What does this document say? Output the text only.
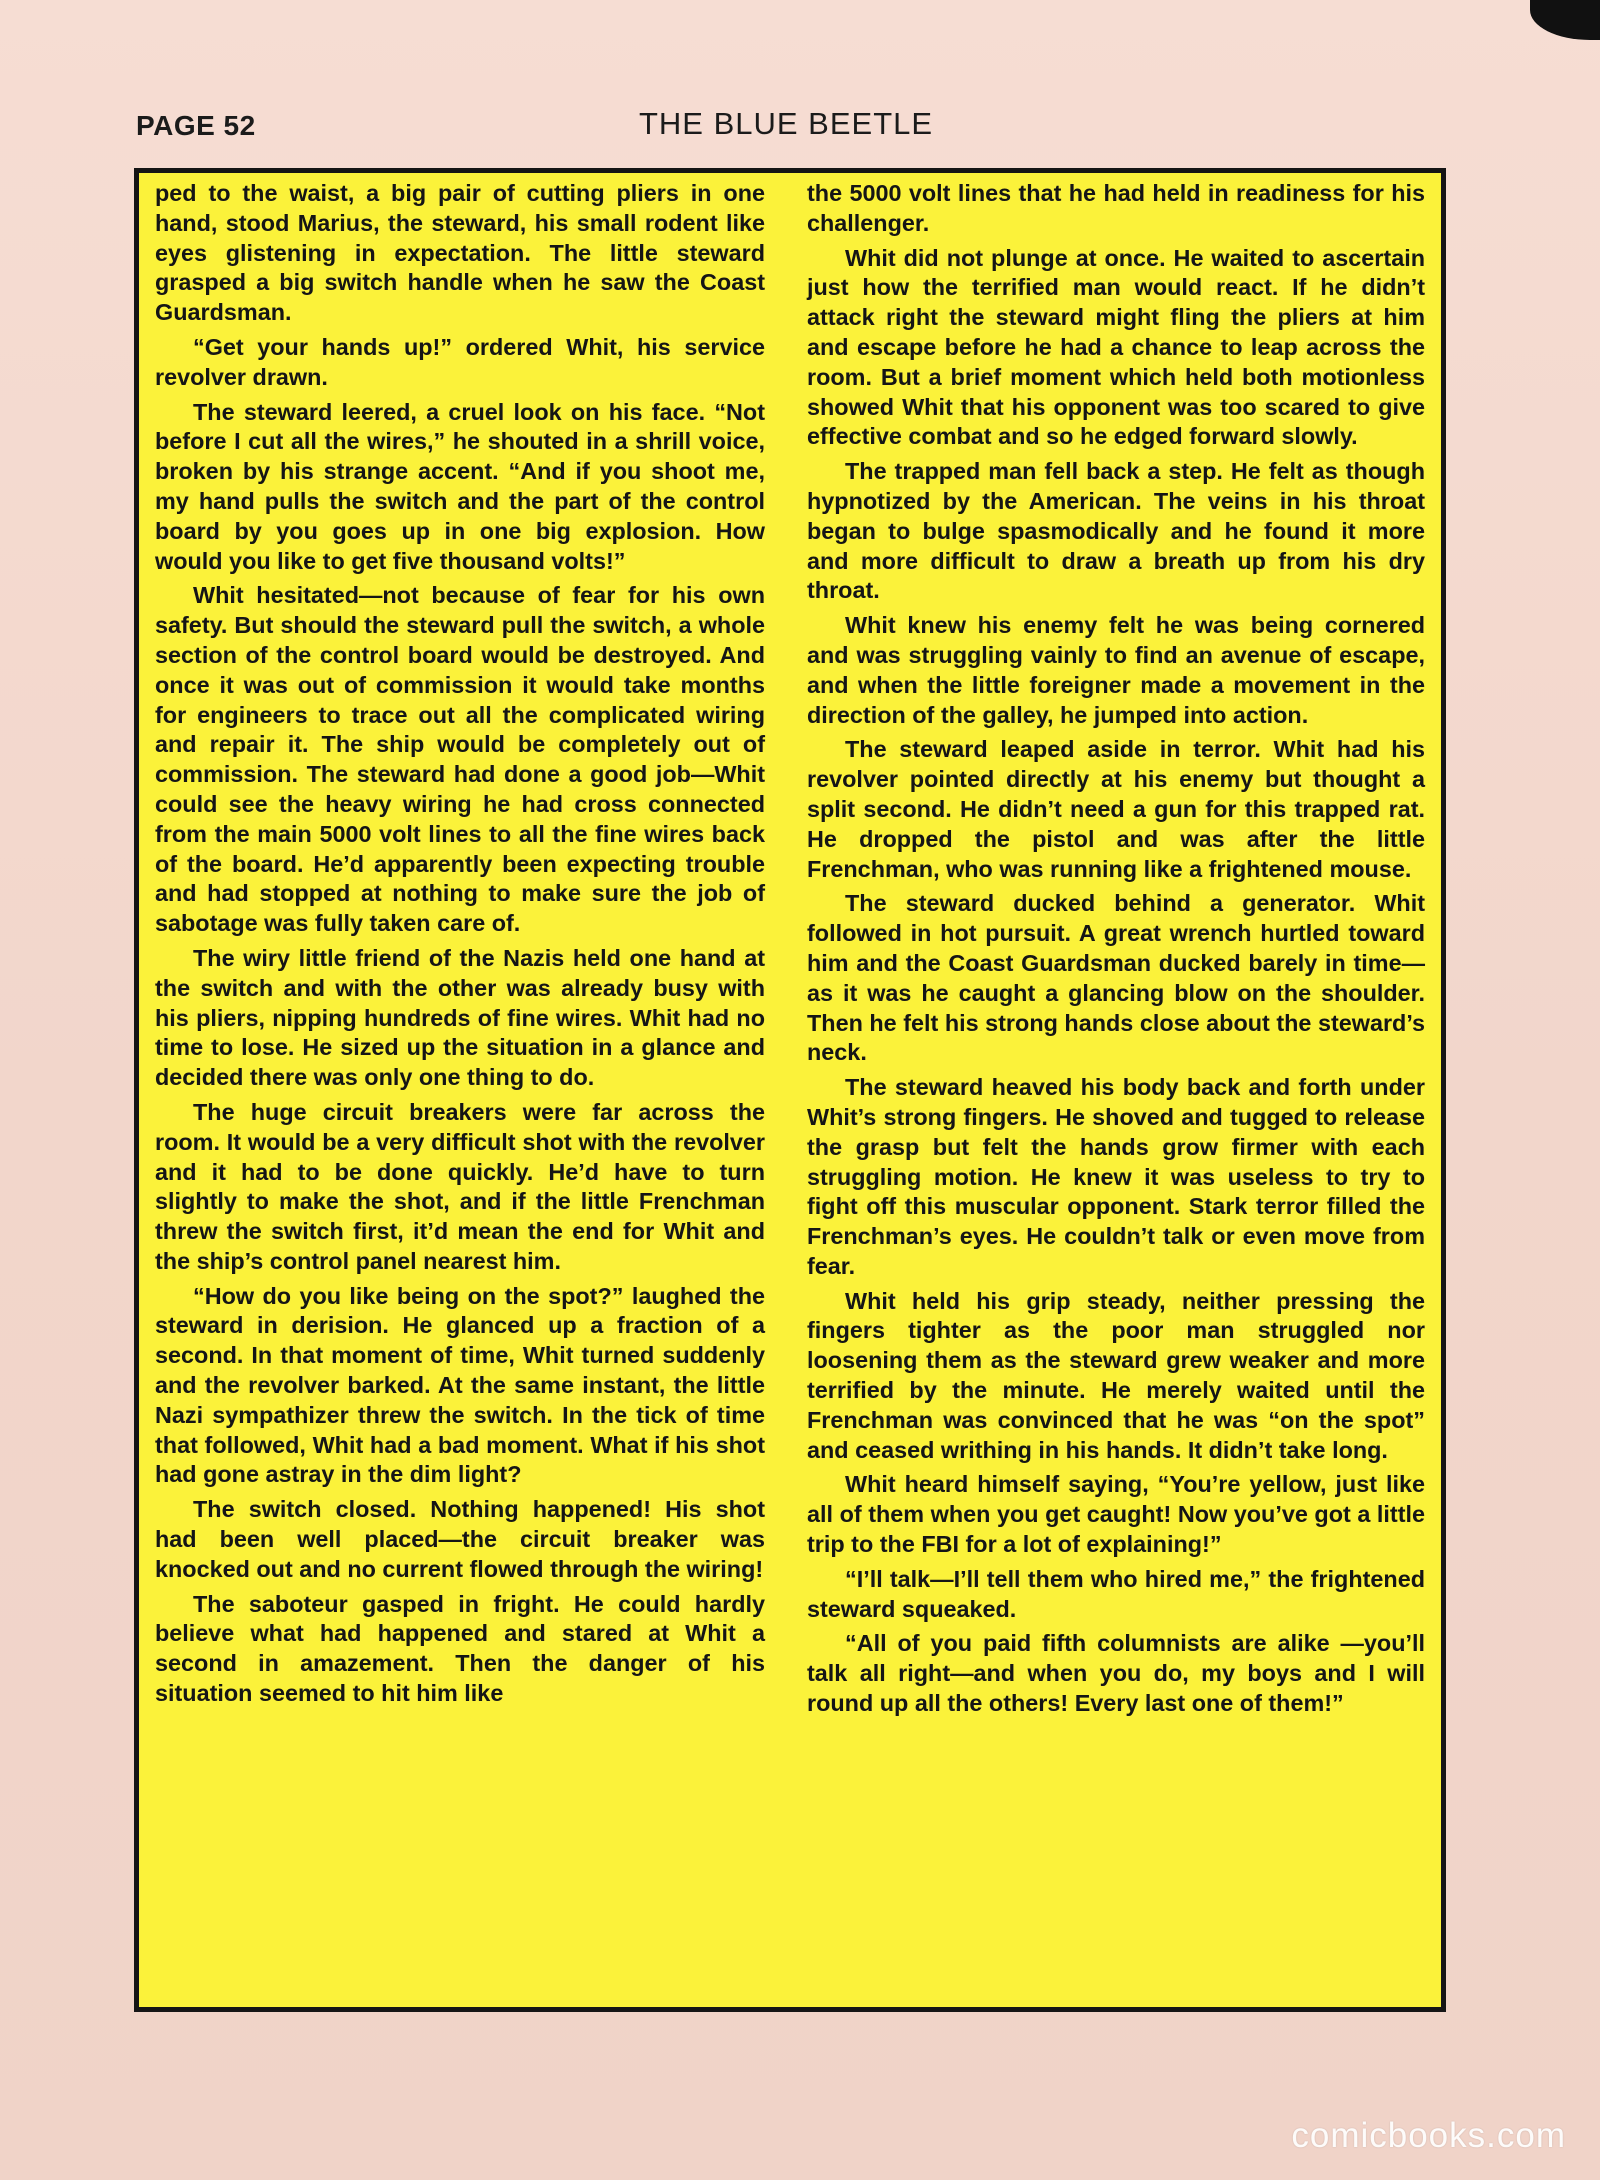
PAGE 52	THE BLUE BEETLE

ped to the waist, a big pair of cutting pliers in one hand, stood Marius, the steward, his small rodent like eyes glistening in expectation. The little steward grasped a big switch handle when he saw the Coast Guardsman.

“Get your hands up!” ordered Whit, his service revolver drawn.

The steward leered, a cruel look on his face. “Not before I cut all the wires,” he shouted in a shrill voice, broken by his strange accent. “And if you shoot me, my hand pulls the switch and the part of the control board by you goes up in one big explosion. How would you like to get five thousand volts!”

Whit hesitated—not because of fear for his own safety. But should the steward pull the switch, a whole section of the control board would be destroyed. And once it was out of commission it would take months for engineers to trace out all the complicated wiring and repair it. The ship would be completely out of commission. The steward had done a good job—Whit could see the heavy wiring he had cross connected from the main 5000 volt lines to all the fine wires back of the board. He’d apparently been expecting trouble and had stopped at nothing to make sure the job of sabotage was fully taken care of.

The wiry little friend of the Nazis held one hand at the switch and with the other was already busy with his pliers, nipping hundreds of fine wires. Whit had no time to lose. He sized up the situation in a glance and decided there was only one thing to do.

The huge circuit breakers were far across the room. It would be a very difficult shot with the revolver and it had to be done quickly. He’d have to turn slightly to make the shot, and if the little Frenchman threw the switch first, it’d mean the end for Whit and the ship’s control panel nearest him.

“How do you like being on the spot?” laughed the steward in derision. He glanced up a fraction of a second. In that moment of time, Whit turned suddenly and the revolver barked. At the same instant, the little Nazi sympathizer threw the switch. In the tick of time that followed, Whit had a bad moment. What if his shot had gone astray in the dim light?

The switch closed. Nothing happened! His shot had been well placed—the circuit breaker was knocked out and no current flowed through the wiring!

The saboteur gasped in fright. He could hardly believe what had happened and stared at Whit a second in amazement. Then the danger of his situation seemed to hit him like

the 5000 volt lines that he had held in readiness for his challenger.

Whit did not plunge at once. He waited to ascertain just how the terrified man would react. If he didn’t attack right the steward might fling the pliers at him and escape before he had a chance to leap across the room. But a brief moment which held both motionless showed Whit that his opponent was too scared to give effective combat and so he edged forward slowly.

The trapped man fell back a step. He felt as though hypnotized by the American. The veins in his throat began to bulge spasmodically and he found it more and more difficult to draw a breath up from his dry throat.

Whit knew his enemy felt he was being cornered and was struggling vainly to find an avenue of escape, and when the little foreigner made a movement in the direction of the galley, he jumped into action.

The steward leaped aside in terror. Whit had his revolver pointed directly at his enemy but thought a split second. He didn’t need a gun for this trapped rat. He dropped the pistol and was after the little Frenchman, who was running like a frightened mouse.

The steward ducked behind a generator. Whit followed in hot pursuit. A great wrench hurtled toward him and the Coast Guardsman ducked barely in time—as it was he caught a glancing blow on the shoulder. Then he felt his strong hands close about the steward’s neck.

The steward heaved his body back and forth under Whit’s strong fingers. He shoved and tugged to release the grasp but felt the hands grow firmer with each struggling motion. He knew it was useless to try to fight off this muscular opponent. Stark terror filled the Frenchman’s eyes. He couldn’t talk or even move from fear.

Whit held his grip steady, neither pressing the fingers tighter as the poor man struggled nor loosening them as the steward grew weaker and more terrified by the minute. He merely waited until the Frenchman was convinced that he was “on the spot” and ceased writhing in his hands. It didn’t take long.

Whit heard himself saying, “You’re yellow, just like all of them when you get caught! Now you’ve got a little trip to the FBI for a lot of explaining!”

“I’ll talk—I’ll tell them who hired me,” the frightened steward squeaked.

“All of you paid fifth columnists are alike —you’ll talk all right—and when you do, my boys and I will round up all the others! Every last one of them!”

comicbooks.com
